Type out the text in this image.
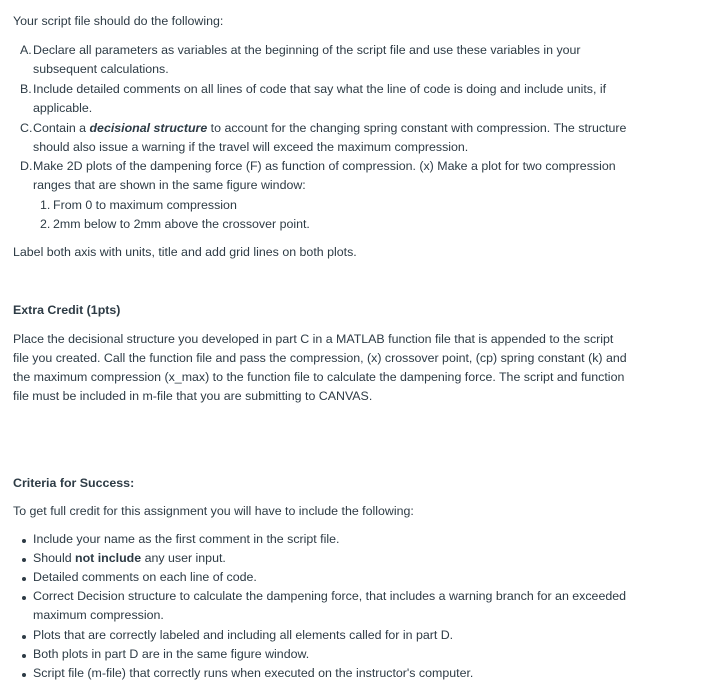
Your script file should do the following:
A. Declare all parameters as variables at the beginning of the script file and use these variables in your
subsequent calculations.
B. Include detailed comments on all lines of code that say what the line of code is doing and include units, if
applicable.
C. Contain a decisional structure to account for the changing spring constant with compression. The structure
should also issue a warning if the travel will exceed the maximum compression.
D. Make 2D plots of the dampening force (F) as function of compression. (x) Make a plot for two compression
ranges that are shown in the same figure window:
1. From 0 to maximum compression
2. 2mm below to 2mm above the crossover point.
Label both axis with units, title and add grid lines on both plots.
Extra Credit (1pts)
Place the decisional structure you developed in part C in a MATLAB function file that is appended to the script
file you created. Call the function file and pass the compression, (x) crossover point, (cp) spring constant (k) and
the maximum compression (x_max) to the function file to calculate the dampening force. The script and function
file must be included in m-file that you are submitting to CANVAS.
Criteria for Success:
To get full credit for this assignment you will have to include the following:
Include your name as the first comment in the script file.
Should not include any user input.
Detailed comments on each line of code.
Correct Decision structure to calculate the dampening force, that includes a warning branch for an exceeded
maximum compression.
Plots that are correctly labeled and including all elements called for in part D.
Both plots in part D are in the same figure window.
Script file (m-file) that correctly runs when executed on the instructor's computer.
